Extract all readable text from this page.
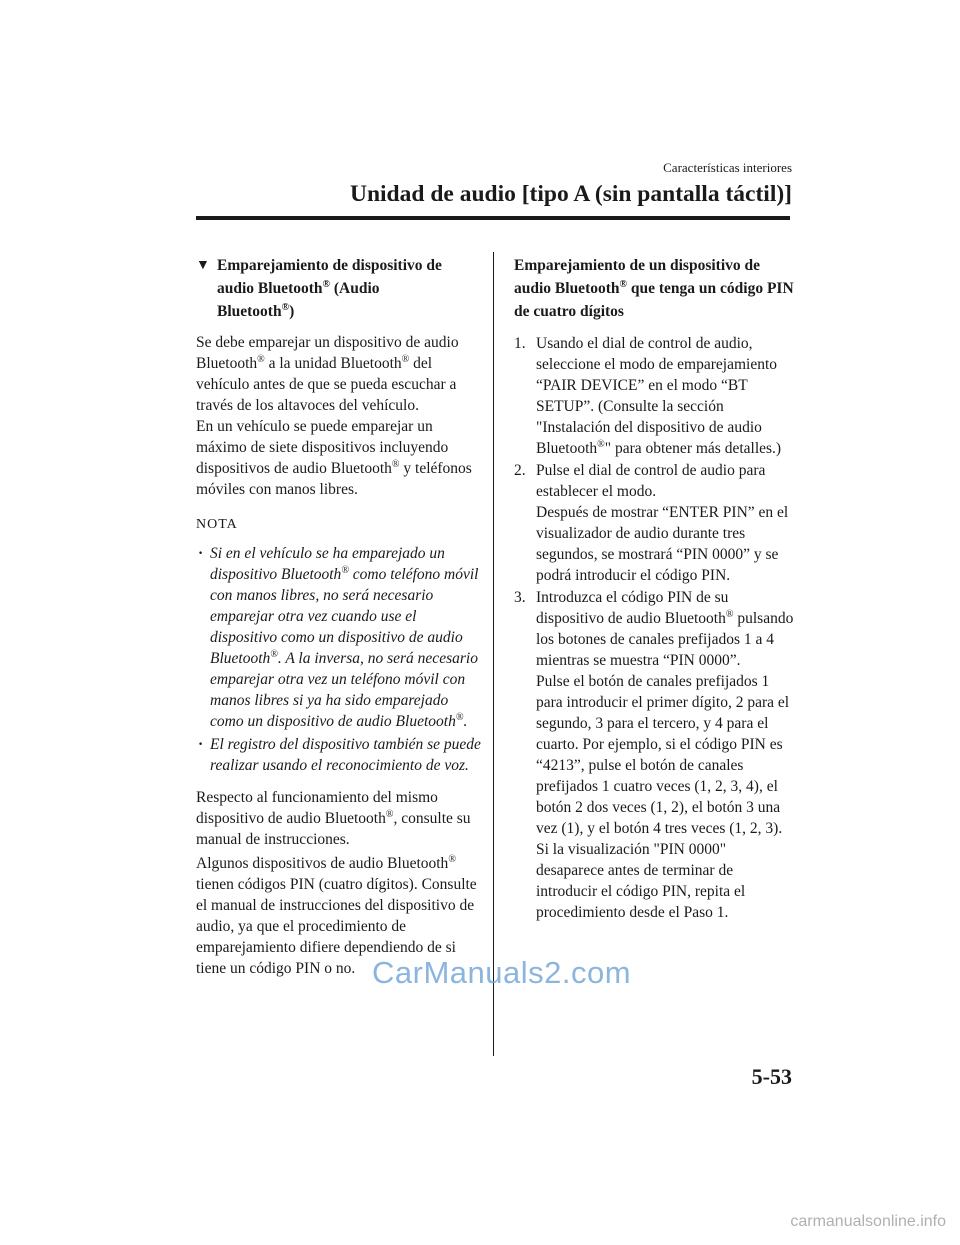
Características interiores
Unidad de audio [tipo A (sin pantalla táctil)]
▼ Emparejamiento de dispositivo de
audio Bluetooth® (Audio
Bluetooth®)

Se debe emparejar un dispositivo de audio Bluetooth® a la unidad Bluetooth® del vehículo antes de que se pueda escuchar a través de los altavoces del vehículo.

En un vehículo se puede emparejar un máximo de siete dispositivos incluyendo dispositivos de audio Bluetooth® y teléfonos móviles con manos libres.

NOTA
· Si en el vehículo se ha emparejado un dispositivo Bluetooth® como teléfono móvil con manos libres, no será necesario emparejar otra vez cuando use el dispositivo como un dispositivo de audio Bluetooth®. A la inversa, no será necesario emparejar otra vez un teléfono móvil con manos libres si ya ha sido emparejado como un dispositivo de audio Bluetooth®.
· El registro del dispositivo también se puede realizar usando el reconocimiento de voz.

Respecto al funcionamiento del mismo dispositivo de audio Bluetooth®, consulte su manual de instrucciones.

Algunos dispositivos de audio Bluetooth® tienen códigos PIN (cuatro dígitos). Consulte el manual de instrucciones del dispositivo de audio, ya que el procedimiento de emparejamiento difiere dependiendo de si tiene un código PIN o no.

Emparejamiento de un dispositivo de audio Bluetooth® que tenga un código PIN de cuatro dígitos
1. Usando el dial de control de audio, seleccione el modo de emparejamiento “PAIR DEVICE” en el modo “BT SETUP”. (Consulte la sección "Instalación del dispositivo de audio Bluetooth®" para obtener más detalles.)
2. Pulse el dial de control de audio para establecer el modo.
Después de mostrar “ENTER PIN” en el visualizador de audio durante tres segundos, se mostrará “PIN 0000” y se podrá introducir el código PIN.
3. Introduzca el código PIN de su dispositivo de audio Bluetooth® pulsando los botones de canales prefijados 1 a 4 mientras se muestra “PIN 0000”.
Pulse el botón de canales prefijados 1 para introducir el primer dígito, 2 para el segundo, 3 para el tercero, y 4 para el cuarto. Por ejemplo, si el código PIN es “4213”, pulse el botón de canales prefijados 1 cuatro veces (1, 2, 3, 4), el botón 2 dos veces (1, 2), el botón 3 una vez (1), y el botón 4 tres veces (1, 2, 3). Si la visualización "PIN 0000" desaparece antes de terminar de introducir el código PIN, repita el procedimiento desde el Paso 1.
CarManuals2.com
5-53
carmanualsonline.info
